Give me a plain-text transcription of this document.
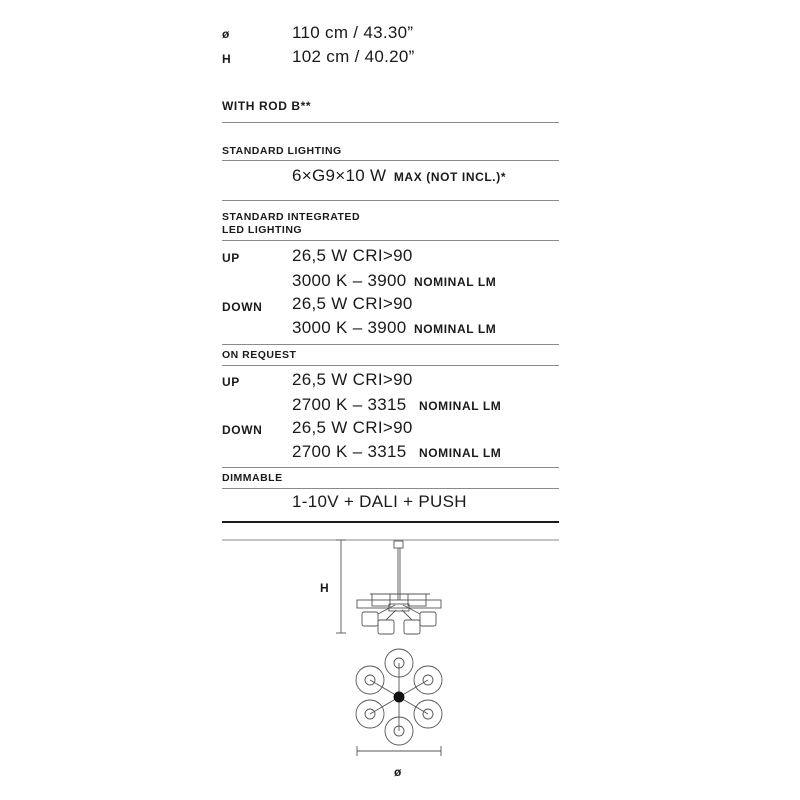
ø	110 cm / 43.30”
H	102 cm / 40.20”
WITH ROD B**
STANDARD LIGHTING
6×G9×10 W MAX (NOT INCL.)*
STANDARD INTEGRATED
LED LIGHTING
UP	26,5 W CRI>90
3000 K – 3900 NOMINAL LM
DOWN 26,5 W CRI>90
3000 K – 3900 NOMINAL LM
ON REQUEST
UP	26,5 W CRI>90
2700 K – 3315 NOMINAL LM
DOWN 26,5 W CRI>90
2700 K – 3315 NOMINAL LM
DIMMABLE
1-10V + DALI + PUSH
H
ø
